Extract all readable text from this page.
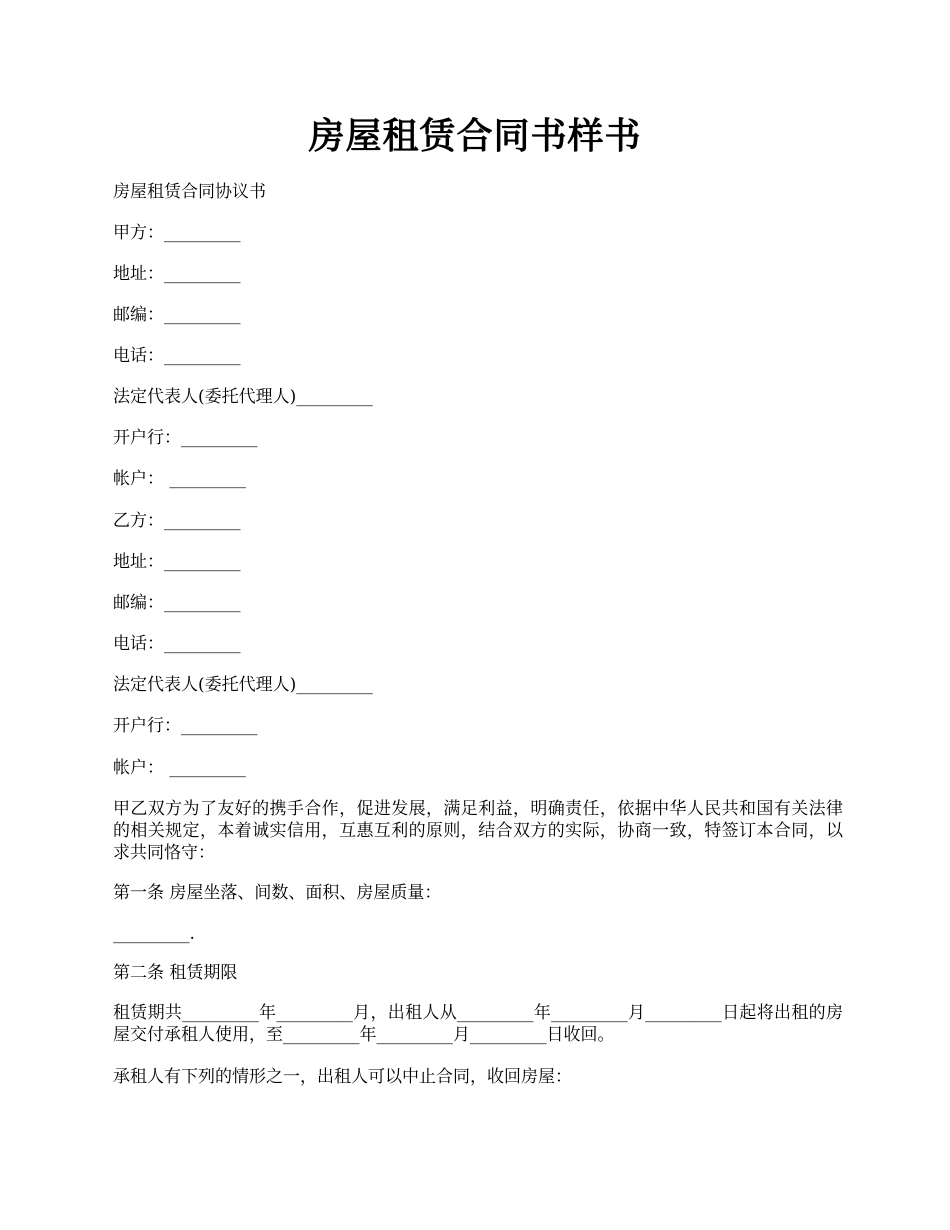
房屋租赁合同书样书
房屋租赁合同协议书
甲方：_________
地址：_________
邮编：_________
电话：_________
法定代表人(委托代理人)_________
开户行：_________
帐户： _________
乙方：_________
地址：_________
邮编：_________
电话：_________
法定代表人(委托代理人)_________
开户行：_________
帐户： _________
甲乙双方为了友好的携手合作，促进发展，满足利益，明确责任，依据中华人民共和国有关法律的相关规定，本着诚实信用，互惠互利的原则，结合双方的实际，协商一致，特签订本合同，以求共同恪守：
第一条 房屋坐落、间数、面积、房屋质量：
_________.
第二条 租赁期限
租赁期共_________年_________月，出租人从_________年_________月_________日起将出租的房屋交付承租人使用，至_________年_________月_________日收回。
承租人有下列的情形之一，出租人可以中止合同，收回房屋：
